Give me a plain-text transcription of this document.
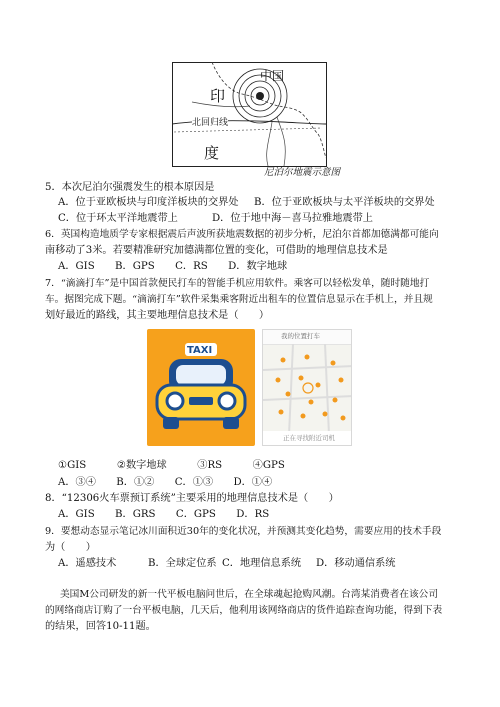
中国
印
北回归线
度
尼泊尔地震示意图
5．本次尼泊尔强震发生的根本原因是
A．位于亚欧板块与印度洋板块的交界处 B．位于亚欧板块与太平洋板块的交界处
C．位于环太平洋地震带上	D．位于地中海－喜马拉雅地震带上
6．英国构造地质学专家根据震后声波所获地震数据的初步分析，尼泊尔首都加德满都可能向
南移动了3米。若要精准研究加德满都位置的变化，可借助的地理信息技术是
A．GIS　　B．GPS　　C．RS　　D．数字地球
7．“滴滴打车”是中国首款便民打车的智能手机应用软件。乘客可以轻松发单，随时随地打
车。据图完成下题。“滴滴打车”软件采集乘客附近出租车的位置信息显示在手机上，并且规
划好最近的路线，其主要地理信息技术是（　　）
TAXI
我的位置打车
正在寻找附近司机
①GIS　　　②数字地球　　　③RS　　　④GPS
A．③④　　B．①②　　C．①③　　D．①④
8．“12306火车票预订系统”主要采用的地理信息技术是（　　）
A．GIS　　B．GRS　　C．GPS　　D．RS
9．要想动态显示笔记冰川面积近30年的变化状况，并预测其变化趋势，需要应用的技术手段
为（　　）
A．遥感技术	B．全球定位系 C．地理信息系统 D．移动通信系统
美国M公司研发的新一代平板电脑问世后，在全球魂起抢购风潮。台湾某消费者在该公司
的网络商店订购了一台平板电脑，几天后，他利用该网络商店的货件追踪查询功能，得到下表
的结果，回答10-11题。
